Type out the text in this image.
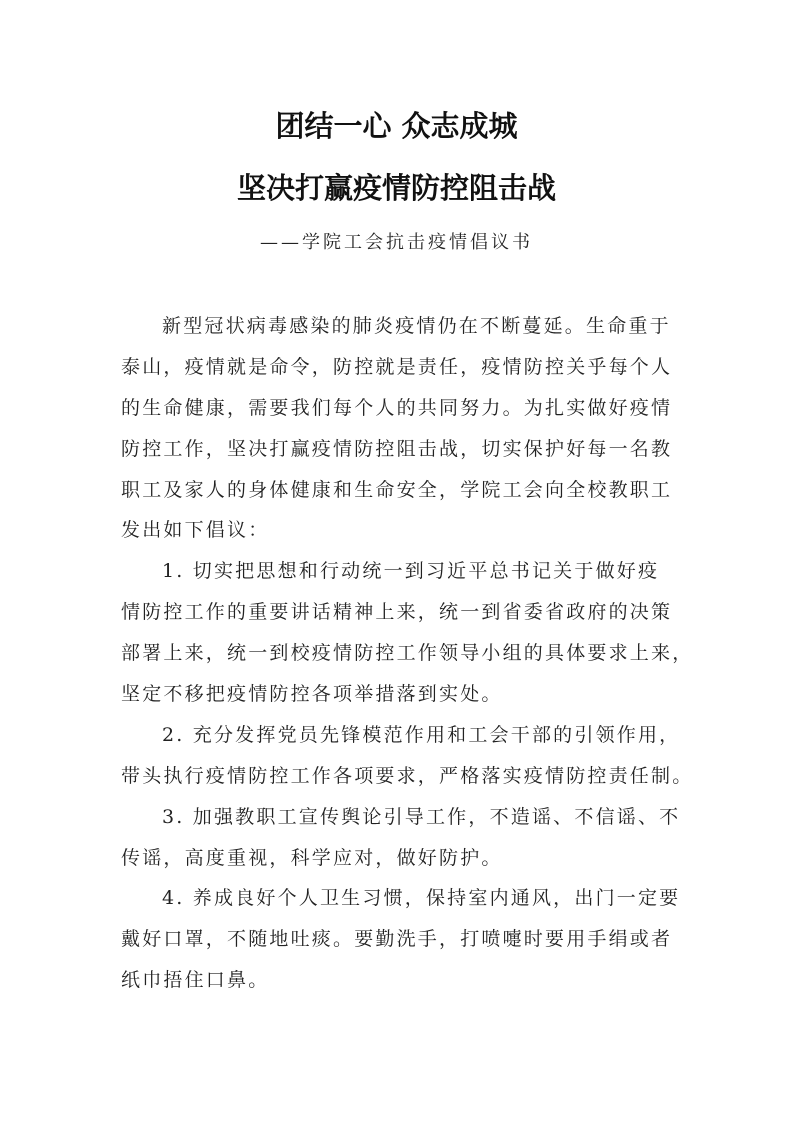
团结一心 众志成城
坚决打赢疫情防控阻击战
——学院工会抗击疫情倡议书
新型冠状病毒感染的肺炎疫情仍在不断蔓延。生命重于
泰山，疫情就是命令，防控就是责任，疫情防控关乎每个人
的生命健康，需要我们每个人的共同努力。为扎实做好疫情
防控工作，坚决打赢疫情防控阻击战，切实保护好每一名教
职工及家人的身体健康和生命安全，学院工会向全校教职工
发出如下倡议：
1. 切实把思想和行动统一到习近平总书记关于做好疫
情防控工作的重要讲话精神上来，统一到省委省政府的决策
部署上来，统一到校疫情防控工作领导小组的具体要求上来，
坚定不移把疫情防控各项举措落到实处。
2. 充分发挥党员先锋模范作用和工会干部的引领作用，
带头执行疫情防控工作各项要求，严格落实疫情防控责任制。
3. 加强教职工宣传舆论引导工作，不造谣、不信谣、不
传谣，高度重视，科学应对，做好防护。
4. 养成良好个人卫生习惯，保持室内通风，出门一定要
戴好口罩，不随地吐痰。要勤洗手，打喷嚏时要用手绢或者
纸巾捂住口鼻。
